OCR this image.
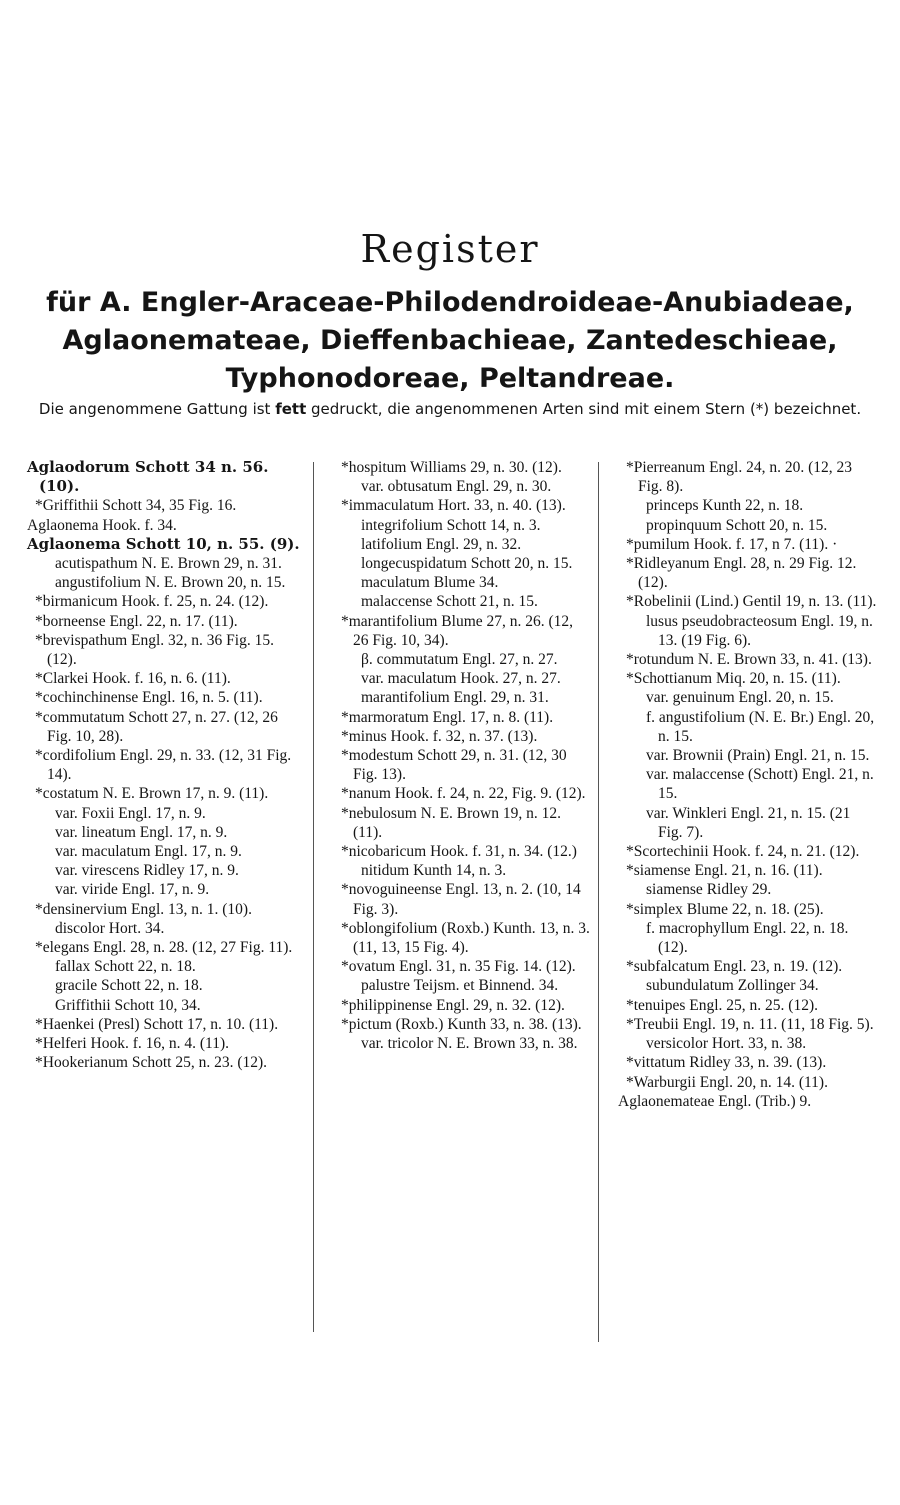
Register
für A. Engler-Araceae-Philodendroideae-Anubiadeae,
Aglaonemateae, Dieffenbachieae, Zantedeschieae,
Typhonodoreae, Peltandreae.
Die angenommene Gattung ist fett gedruckt, die angenommenen Arten sind mit einem Stern (*) bezeichnet.

Aglaodorum Schott 34 n. 56. (10).

*Griffithii Schott 34, 35 Fig. 16.

Aglaonema Hook. f. 34.

Aglaonema Schott 10, n. 55. (9).

acutispathum N. E. Brown 29, n. 31.

angustifolium N. E. Brown 20, n. 15.

*birmanicum Hook. f. 25, n. 24. (12).

*borneense Engl. 22, n. 17. (11).

*brevispathum Engl. 32, n. 36 Fig. 15. (12).

*Clarkei Hook. f. 16, n. 6. (11).

*cochinchinense Engl. 16, n. 5. (11).

*commutatum Schott 27, n. 27. (12, 26 Fig. 10, 28).

*cordifolium Engl. 29, n. 33. (12, 31 Fig. 14).

*costatum N. E. Brown 17, n. 9. (11).

var. Foxii Engl. 17, n. 9.

var. lineatum Engl. 17, n. 9.

var. maculatum Engl. 17, n. 9.

var. virescens Ridley 17, n. 9.

var. viride Engl. 17, n. 9.

*densinervium Engl. 13, n. 1. (10).

discolor Hort. 34.

*elegans Engl. 28, n. 28. (12, 27 Fig. 11).

fallax Schott 22, n. 18.

gracile Schott 22, n. 18.

Griffithii Schott 10, 34.

*Haenkei (Presl) Schott 17, n. 10. (11).

*Helferi Hook. f. 16, n. 4. (11).

*Hookerianum Schott 25, n. 23. (12).

*hospitum Williams 29, n. 30. (12).

var. obtusatum Engl. 29, n. 30.

*immaculatum Hort. 33, n. 40. (13).

integrifolium Schott 14, n. 3.

latifolium Engl. 29, n. 32.

longecuspidatum Schott 20, n. 15.

maculatum Blume 34.

malaccense Schott 21, n. 15.

*marantifolium Blume 27, n. 26. (12, 26 Fig. 10, 34).

β. commutatum Engl. 27, n. 27.

var. maculatum Hook. 27, n. 27.

marantifolium Engl. 29, n. 31.

*marmoratum Engl. 17, n. 8. (11).

*minus Hook. f. 32, n. 37. (13).

*modestum Schott 29, n. 31. (12, 30 Fig. 13).

*nanum Hook. f. 24, n. 22, Fig. 9. (12).

*nebulosum N. E. Brown 19, n. 12. (11).

*nicobaricum Hook. f. 31, n. 34. (12.)

nitidum Kunth 14, n. 3.

*novoguineense Engl. 13, n. 2. (10, 14 Fig. 3).

*oblongifolium (Roxb.) Kunth. 13, n. 3. (11, 13, 15 Fig. 4).

*ovatum Engl. 31, n. 35 Fig. 14. (12).

palustre Teijsm. et Binnend. 34.

*philippinense Engl. 29, n. 32. (12).

*pictum (Roxb.) Kunth 33, n. 38. (13).

var. tricolor N. E. Brown 33, n. 38.

*Pierreanum Engl. 24, n. 20. (12, 23 Fig. 8).

princeps Kunth 22, n. 18.

propinquum Schott 20, n. 15.

*pumilum Hook. f. 17, n 7. (11). ·

*Ridleyanum Engl. 28, n. 29 Fig. 12. (12).

*Robelinii (Lind.) Gentil 19, n. 13. (11).

lusus pseudobracteosum Engl. 19, n. 13. (19 Fig. 6).

*rotundum N. E. Brown 33, n. 41. (13).

*Schottianum Miq. 20, n. 15. (11).

var. genuinum Engl. 20, n. 15.

f. angustifolium (N. E. Br.) Engl. 20, n. 15.

var. Brownii (Prain) Engl. 21, n. 15.

var. malaccense (Schott) Engl. 21, n. 15.

var. Winkleri Engl. 21, n. 15. (21 Fig. 7).

*Scortechinii Hook. f. 24, n. 21. (12).

*siamense Engl. 21, n. 16. (11).

siamense Ridley 29.

*simplex Blume 22, n. 18. (25).

f. macrophyllum Engl. 22, n. 18. (12).

*subfalcatum Engl. 23, n. 19. (12).

subundulatum Zollinger 34.

*tenuipes Engl. 25, n. 25. (12).

*Treubii Engl. 19, n. 11. (11, 18 Fig. 5).

versicolor Hort. 33, n. 38.

*vittatum Ridley 33, n. 39. (13).

*Warburgii Engl. 20, n. 14. (11).

Aglaonemateae Engl. (Trib.) 9.
